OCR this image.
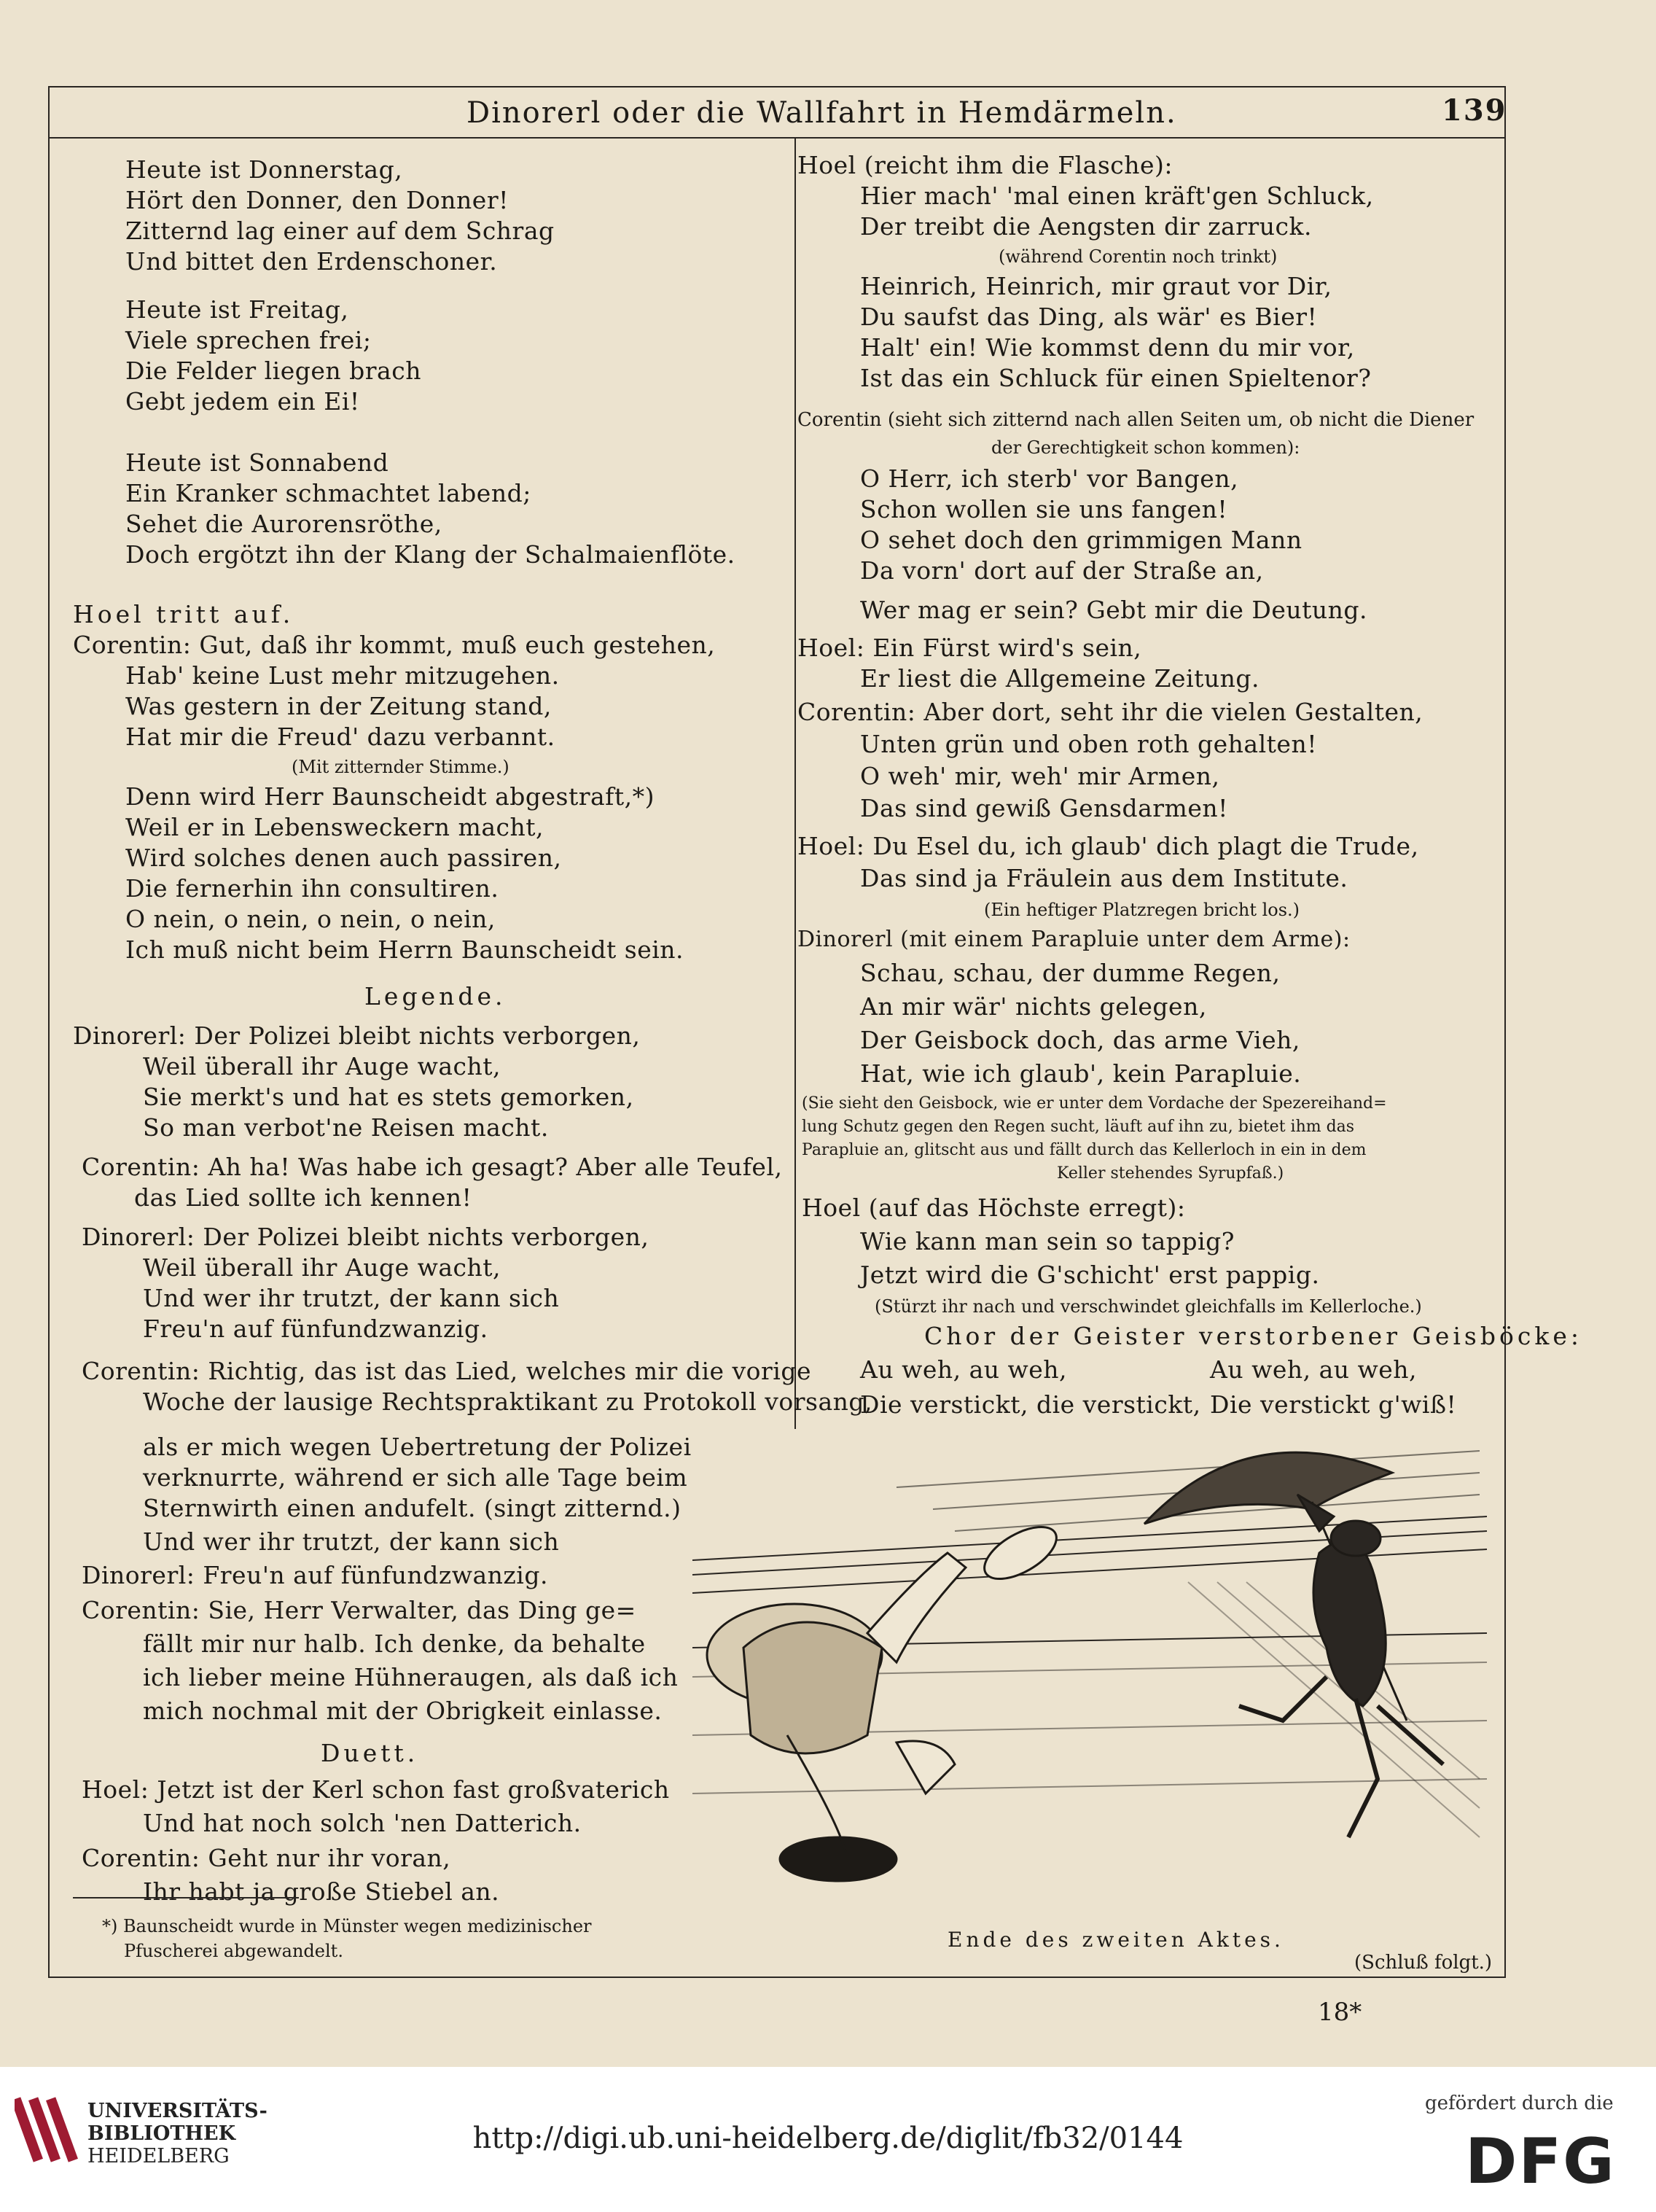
Dinorerl oder die Wallfahrt in Hemdärmeln.	139
Heute ist Donnerstag,
Hört den Donner, den Donner!
Zitternd lag einer auf dem Schrag
Und bittet den Erdenschoner.
Heute ist Freitag,
Viele sprechen frei;
Die Felder liegen brach
Gebt jedem ein Ei!
Heute ist Sonnabend
Ein Kranker schmachtet labend;
Sehet die Aurorensröthe,
Doch ergötzt ihn der Klang der Schalmaienflöte.
Hoel tritt auf.
Corentin: Gut, daß ihr kommt, muß euch gestehen,
Hab' keine Lust mehr mitzugehen.
Was gestern in der Zeitung stand,
Hat mir die Freud' dazu verbannt.
(Mit zitternder Stimme.)
Denn wird Herr Baunscheidt abgestraft,*)
Weil er in Lebensweckern macht,
Wird solches denen auch passiren,
Die fernerhin ihn consultiren.
O nein, o nein, o nein, o nein,
Ich muß nicht beim Herrn Baunscheidt sein.
Legende.
Dinorerl: Der Polizei bleibt nichts verborgen,
Weil überall ihr Auge wacht,
Sie merkt's und hat es stets gemorken,
So man verbot'ne Reisen macht.
Corentin: Ah ha! Was habe ich gesagt? Aber alle Teufel,
das Lied sollte ich kennen!
Dinorerl: Der Polizei bleibt nichts verborgen,
Weil überall ihr Auge wacht,
Und wer ihr trutzt, der kann sich
Freu'n auf fünfundzwanzig.
Corentin: Richtig, das ist das Lied, welches mir die vorige
Woche der lausige Rechtspraktikant zu Protokoll vorsang,
als er mich wegen Uebertretung der Polizei
verknurrte, während er sich alle Tage beim
Sternwirth einen andufelt. (singt zitternd.)
Und wer ihr trutzt, der kann sich
Dinorerl: Freu'n auf fünfundzwanzig.
Corentin: Sie, Herr Verwalter, das Ding ge=
fällt mir nur halb. Ich denke, da behalte
ich lieber meine Hühneraugen, als daß ich
mich nochmal mit der Obrigkeit einlasse.
Duett.
Hoel: Jetzt ist der Kerl schon fast großvaterich
Und hat noch solch 'nen Datterich.
Corentin: Geht nur ihr voran,
Ihr habt ja große Stiebel an.
*) Baunscheidt wurde in Münster wegen medizinischer
Pfuscherei abgewandelt.
Hoel (reicht ihm die Flasche):
Hier mach' 'mal einen kräft'gen Schluck,
Der treibt die Aengsten dir zarruck.
(während Corentin noch trinkt)
Heinrich, Heinrich, mir graut vor Dir,
Du saufst das Ding, als wär' es Bier!
Halt' ein! Wie kommst denn du mir vor,
Ist das ein Schluck für einen Spieltenor?
Corentin (sieht sich zitternd nach allen Seiten um, ob nicht die Diener
der Gerechtigkeit schon kommen):
O Herr, ich sterb' vor Bangen,
Schon wollen sie uns fangen!
O sehet doch den grimmigen Mann
Da vorn' dort auf der Straße an,
Wer mag er sein? Gebt mir die Deutung.
Hoel: Ein Fürst wird's sein,
Er liest die Allgemeine Zeitung.
Corentin: Aber dort, seht ihr die vielen Gestalten,
Unten grün und oben roth gehalten!
O weh' mir, weh' mir Armen,
Das sind gewiß Gensdarmen!
Hoel: Du Esel du, ich glaub' dich plagt die Trude,
Das sind ja Fräulein aus dem Institute.
(Ein heftiger Platzregen bricht los.)
Dinorerl (mit einem Parapluie unter dem Arme):
Schau, schau, der dumme Regen,
An mir wär' nichts gelegen,
Der Geisbock doch, das arme Vieh,
Hat, wie ich glaub', kein Parapluie.
(Sie sieht den Geisbock, wie er unter dem Vordache der Spezereihand=
lung Schutz gegen den Regen sucht, läuft auf ihn zu, bietet ihm das
Parapluie an, glitscht aus und fällt durch das Kellerloch in ein in dem
Keller stehendes Syrupfaß.)
Hoel (auf das Höchste erregt):
Wie kann man sein so tappig?
Jetzt wird die G'schicht' erst pappig.
(Stürzt ihr nach und verschwindet gleichfalls im Kellerloche.)
Chor der Geister verstorbener Geisböcke:
Au weh, au weh,
Die verstickt, die verstickt,
Au weh, au weh,
Die verstickt g'wiß!
Ende des zweiten Aktes.
(Schluß folgt.)
18*
UNIVERSITÄTS-
BIBLIOTHEK
HEIDELBERG
http://digi.ub.uni-heidelberg.de/diglit/fb32/0144
gefördert durch die
DFG
